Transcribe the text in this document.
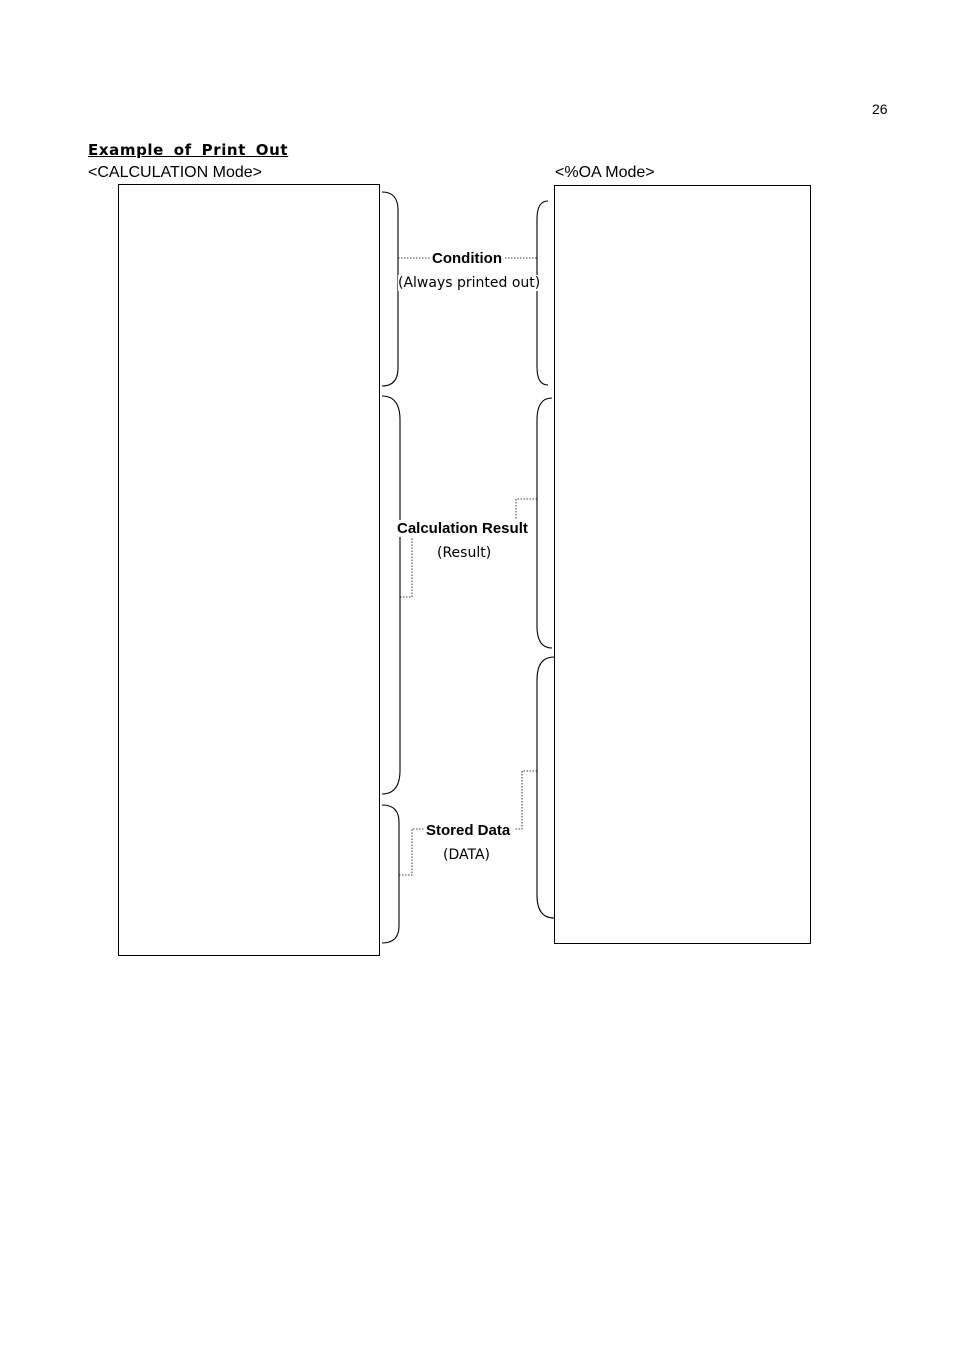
26
Example of Print Out
<CALCULATION Mode>	<%OA Mode>
Condition
(Always printed out)
Calculation Result
(Result)
Stored Data
(DATA)
